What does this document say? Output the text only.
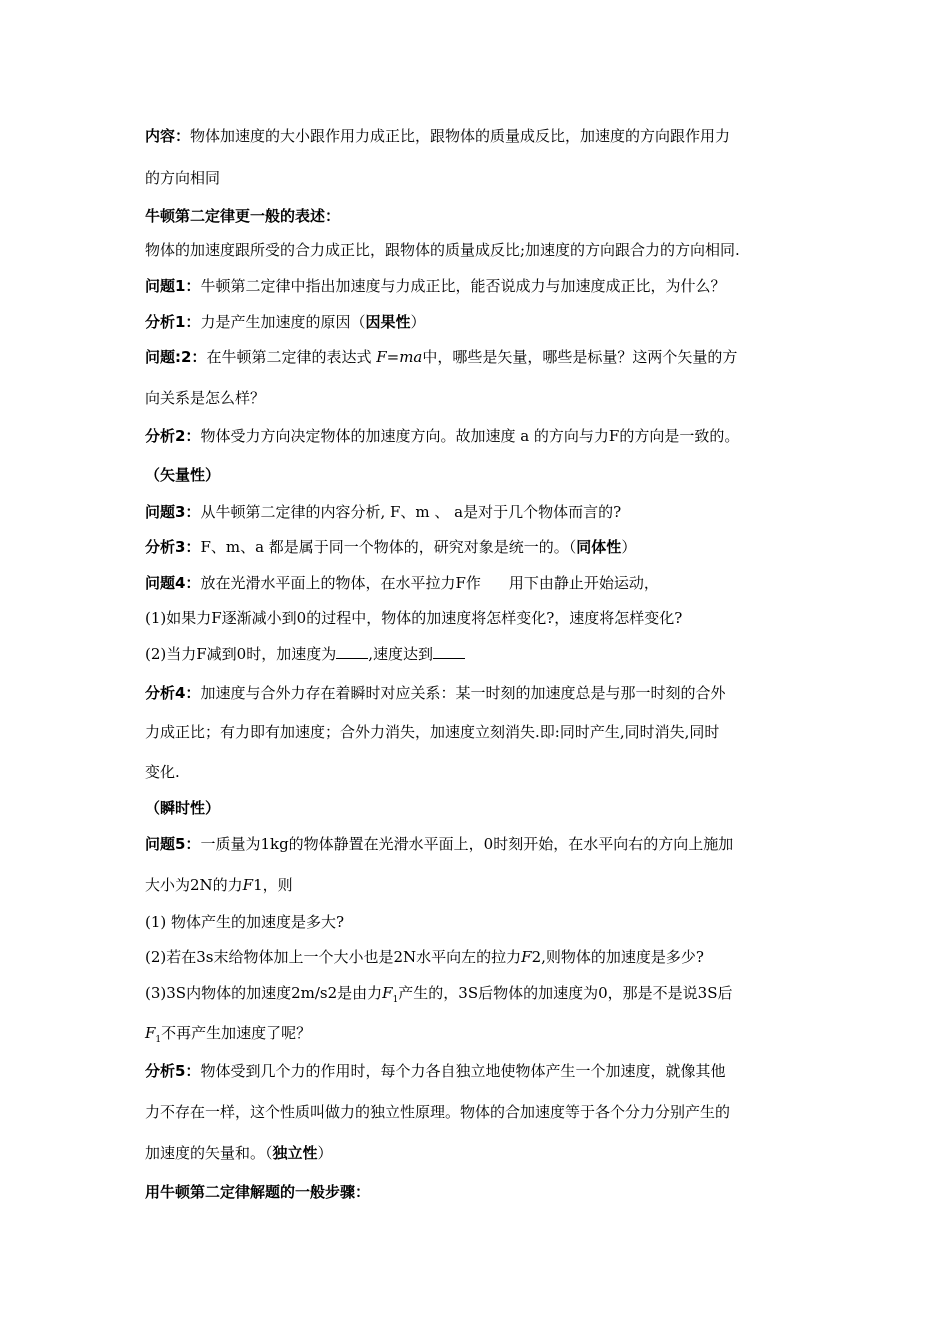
内容：物体加速度的大小跟作用力成正比，跟物体的质量成反比，加速度的方向跟作用力
的方向相同
牛顿第二定律更一般的表述：
物体的加速度跟所受的合力成正比，跟物体的质量成反比;加速度的方向跟合力的方向相同.
问题1：牛顿第二定律中指出加速度与力成正比，能否说成力与加速度成正比，为什么？
分析1：力是产生加速度的原因（因果性）
问题:2：在牛顿第二定律的表达式 F=ma中，哪些是矢量，哪些是标量？这两个矢量的方
向关系是怎么样？
分析2：物体受力方向决定物体的加速度方向。故加速度 a 的方向与力F的方向是一致的。
（矢量性）
问题3：从牛顿第二定律的内容分析, F、m 、 a是对于几个物体而言的?
分析3：F、m、a 都是属于同一个物体的，研究对象是统一的。（同体性）
问题4：放在光滑水平面上的物体，在水平拉力F作 用下由静止开始运动，
(1)如果力F逐渐减小到0的过程中，物体的加速度将怎样变化?，速度将怎样变化?
(2)当力F减到0时，加速度为 ,速度达到
分析4：加速度与合外力存在着瞬时对应关系：某一时刻的加速度总是与那一时刻的合外
力成正比；有力即有加速度；合外力消失，加速度立刻消失.即:同时产生,同时消失,同时
变化.
（瞬时性）
问题5：一质量为1kg的物体静置在光滑水平面上，0时刻开始，在水平向右的方向上施加
大小为2N的力F1，则
(1) 物体产生的加速度是多大?
(2)若在3s末给物体加上一个大小也是2N水平向左的拉力F2,则物体的加速度是多少?
(3)3S内物体的加速度2m/s2是由力$F_1$产生的，3S后物体的加速度为0，那是不是说3S后
$F_1$不再产生加速度了呢？
分析5：物体受到几个力的作用时，每个力各自独立地使物体产生一个加速度，就像其他
力不存在一样，这个性质叫做力的独立性原理。物体的合加速度等于各个分力分别产生的
加速度的矢量和。（独立性）
用牛顿第二定律解题的一般步骤：
